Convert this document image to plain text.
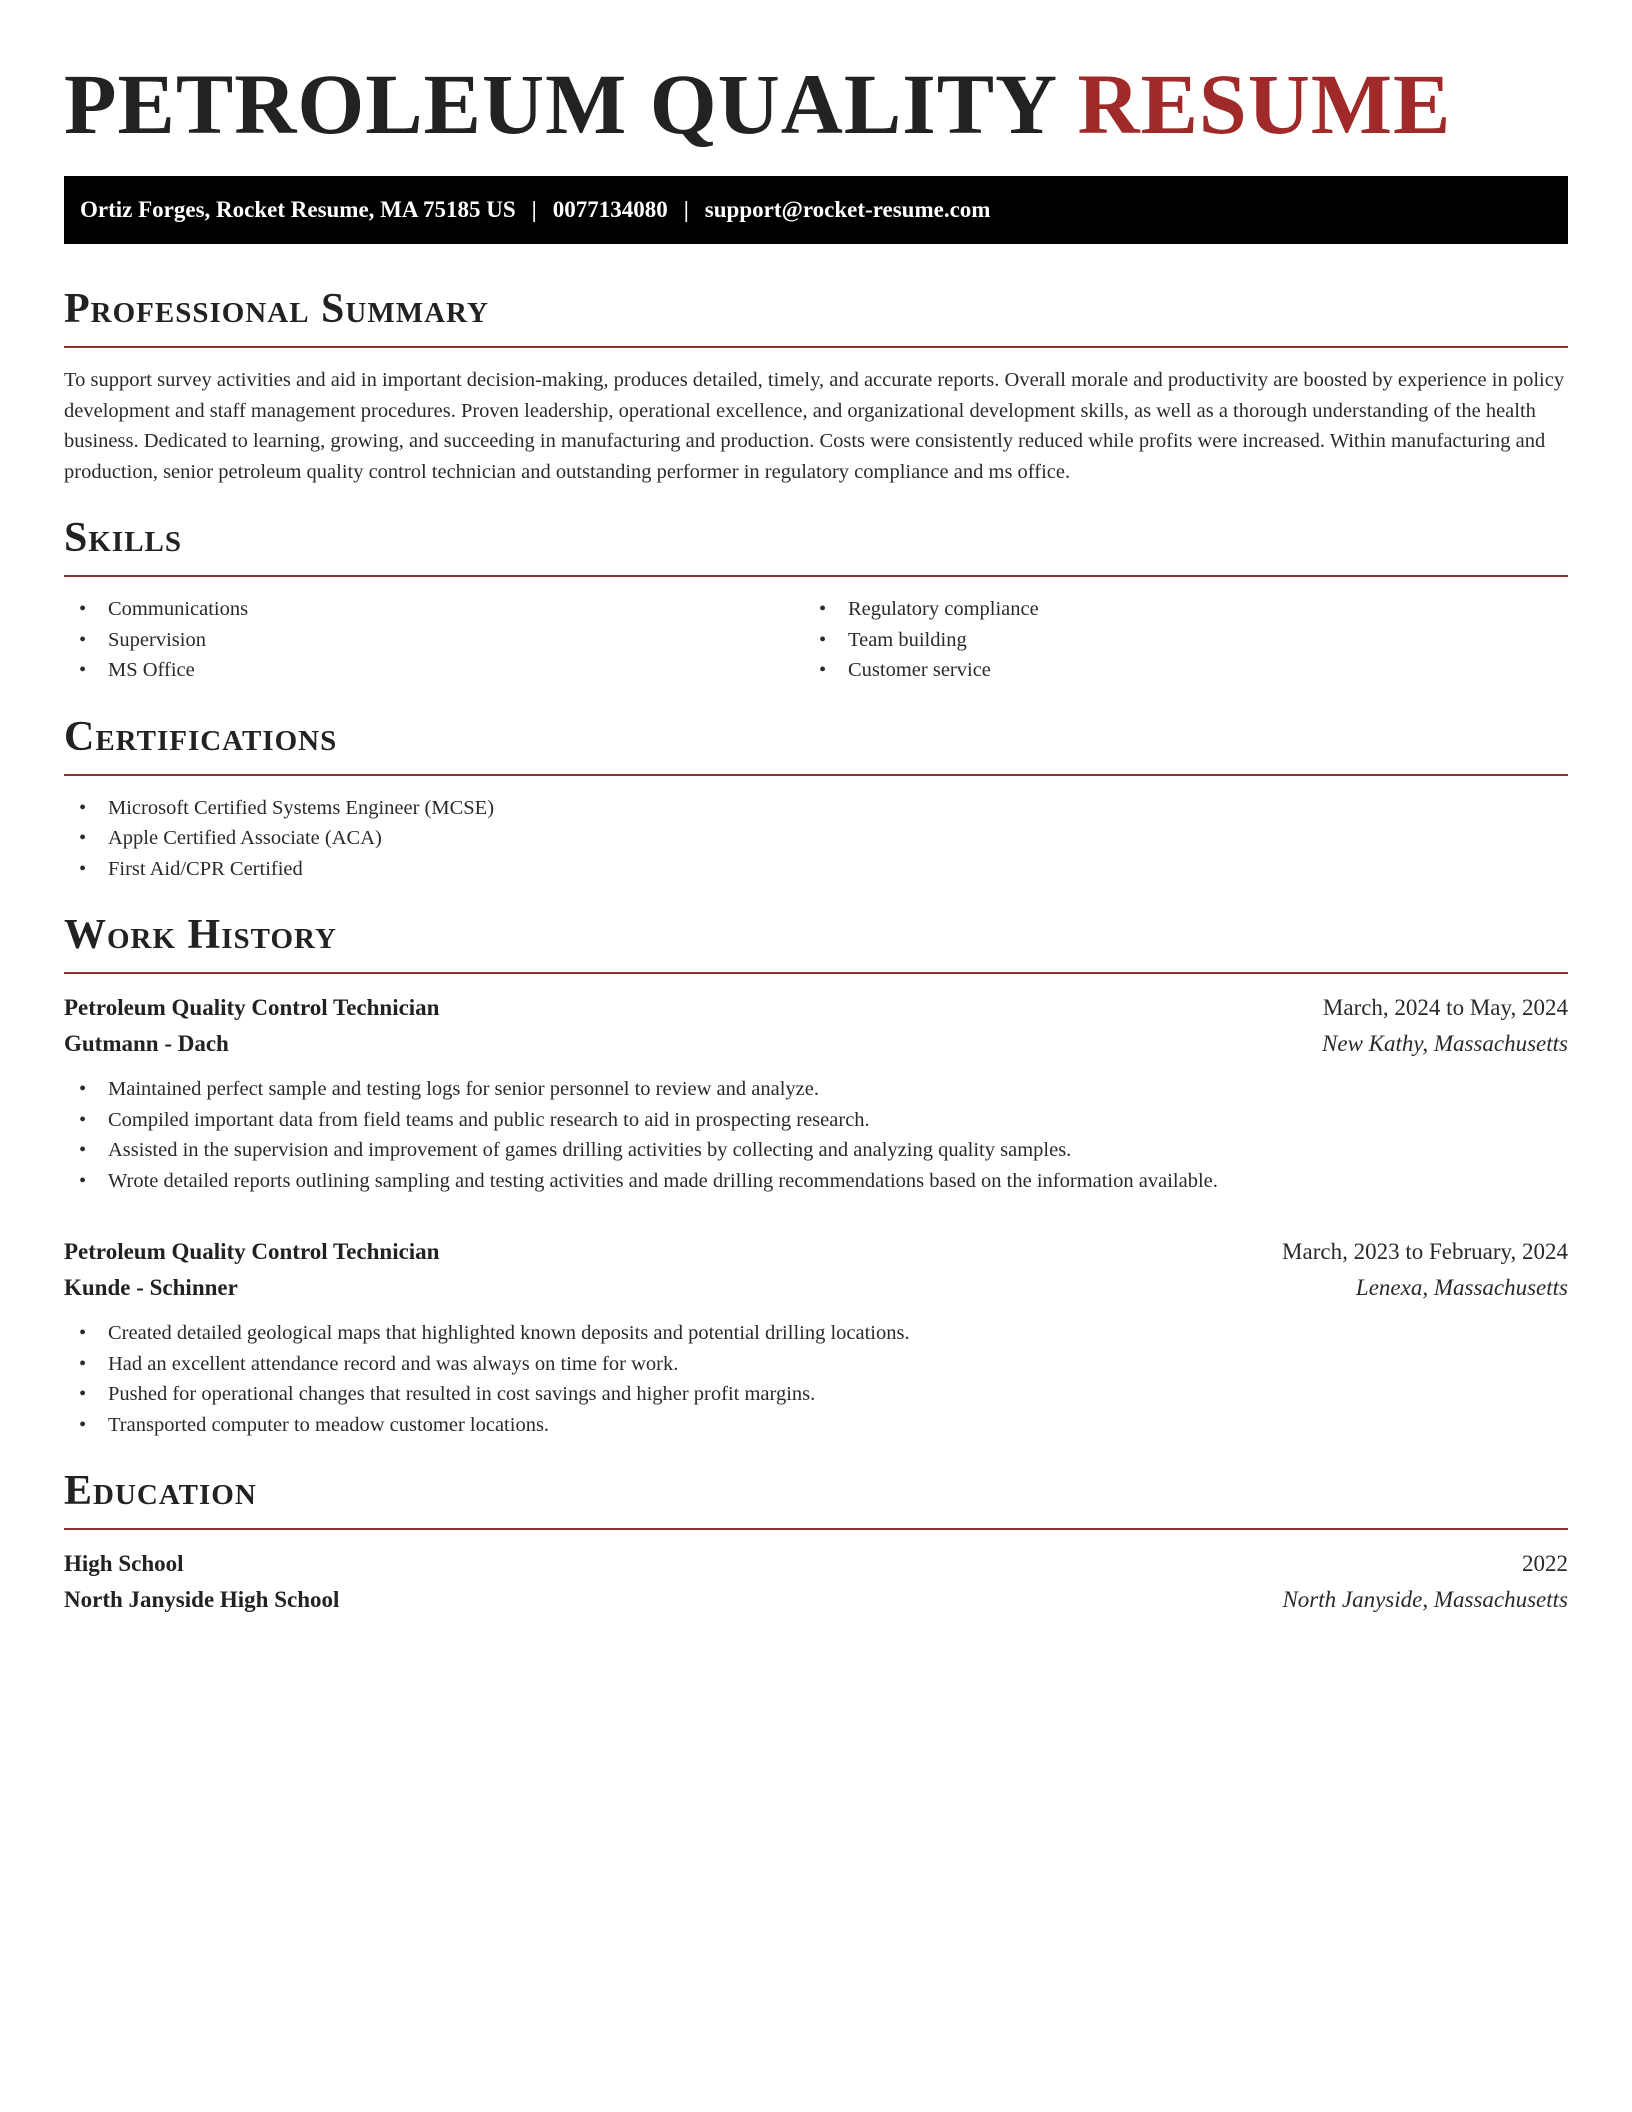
PETROLEUM QUALITY RESUME
Ortiz Forges, Rocket Resume, MA 75185 US | 0077134080 | support@rocket-resume.com
Professional Summary

To support survey activities and aid in important decision-making, produces detailed, timely, and accurate reports. Overall morale and productivity are boosted by experience in policy development and staff management procedures. Proven leadership, operational excellence, and organizational development skills, as well as a thorough understanding of the health business. Dedicated to learning, growing, and succeeding in manufacturing and production. Costs were consistently reduced while profits were increased. Within manufacturing and production, senior petroleum quality control technician and outstanding performer in regulatory compliance and ms office.

Skills
• Communications
• Supervision
• MS Office
• Regulatory compliance
• Team building
• Customer service
Certifications
• Microsoft Certified Systems Engineer (MCSE)
• Apple Certified Associate (ACA)
• First Aid/CPR Certified
Work History
Petroleum Quality Control Technician	March, 2024 to May, 2024
Gutmann - Dach	New Kathy, Massachusetts
• Maintained perfect sample and testing logs for senior personnel to review and analyze.
• Compiled important data from field teams and public research to aid in prospecting research.
• Assisted in the supervision and improvement of games drilling activities by collecting and analyzing quality samples.
• Wrote detailed reports outlining sampling and testing activities and made drilling recommendations based on the information available.
Petroleum Quality Control Technician	March, 2023 to February, 2024
Kunde - Schinner	Lenexa, Massachusetts
• Created detailed geological maps that highlighted known deposits and potential drilling locations.
• Had an excellent attendance record and was always on time for work.
• Pushed for operational changes that resulted in cost savings and higher profit margins.
• Transported computer to meadow customer locations.
Education
High School	2022
North Janyside High School	North Janyside, Massachusetts
